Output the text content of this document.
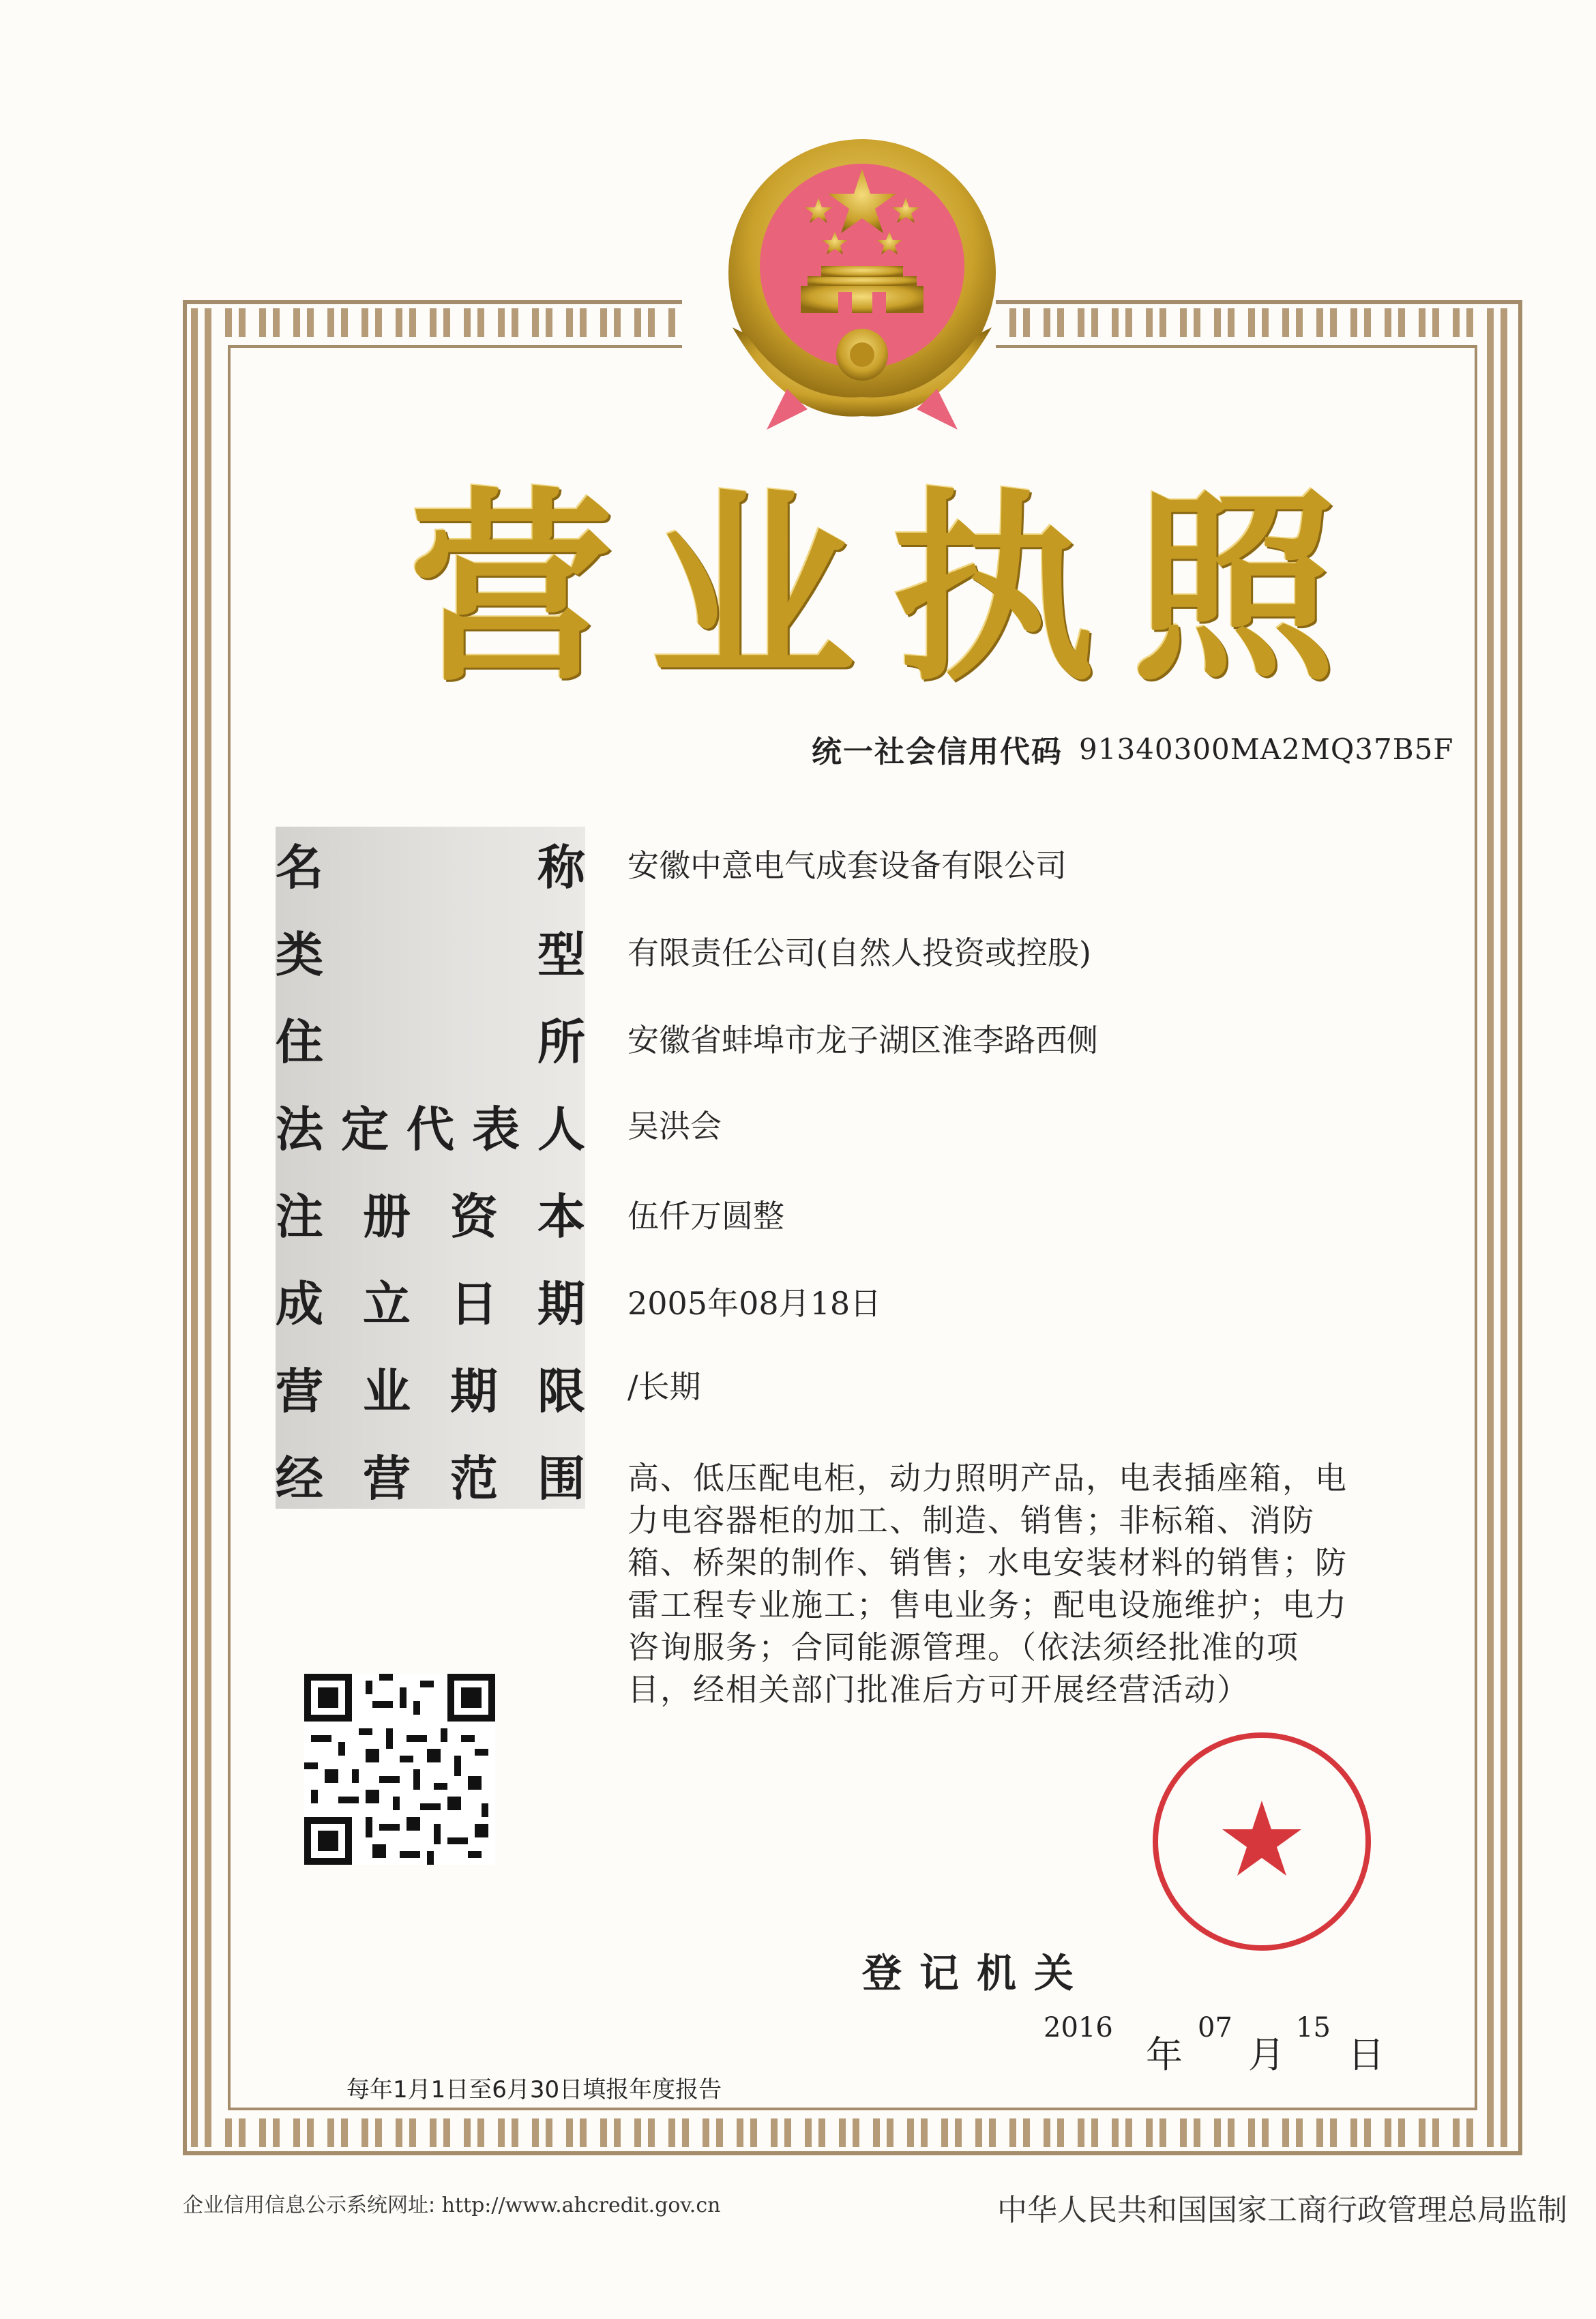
营 业 执 照
统一社会信用代码 91340300MA2MQ37B5F
名	称 安徽中意电气成套设备有限公司
类	型 有限责任公司(自然人投资或控股)
住	所 安徽省蚌埠市龙子湖区淮李路西侧
法 定 代 表 人 吴洪会
注 册 资 本 伍仟万圆整
成 立 日 期 2005年08月18日
营 业 期 限 /长期
经 营 范 围 高、低压配电柜，动力照明产品，电表插座箱，电
力电容器柜的加工、制造、销售；非标箱、消防
箱、桥架的制作、销售；水电安装材料的销售；防
雷工程专业施工；售电业务；配电设施维护；电力
咨询服务；合同能源管理。（依法须经批准的项
目，经相关部门批准后方可开展经营活动）
登记机关
2016
年
07
月
15
日
每年1月1日至6月30日填报年度报告
企业信用信息公示系统网址: http://www.ahcredit.gov.cn	中华人民共和国国家工商行政管理总局监制
